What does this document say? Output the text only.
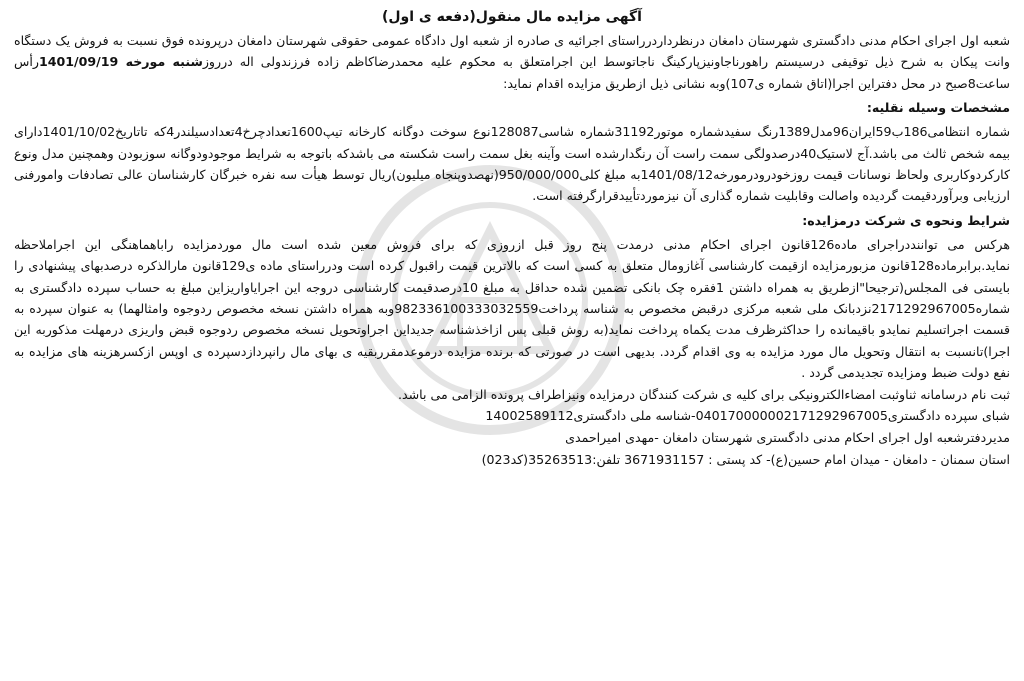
آگهی مزایده مال منقول(دفعه ی اول)

شعبه اول اجرای احکام مدنی دادگستری شهرستان دامغان درنظرداردرراستای اجرائیه ی صادره از شعبه اول دادگاه عمومی حقوقی شهرستان دامغان درپرونده فوق نسبت به فروش یک دستگاه وانت پیکان به شرح ذیل توقیفی درسیستم راهورناجاونیزپارکینگ ناجاتوسط این اجرامتعلق به محکوم علیه محمدرضاکاظم زاده فرزندولی اله درروزشنبه مورخه 1401/09/19رأس ساعت8صبح در محل دفتراین اجرا(اتاق شماره ی107)وبه نشانی ذیل ازطریق مزایده اقدام نماید:

مشخصات وسیله نقلیه:

شماره انتظامی186ب59ایران96مدل1389رنگ سفیدشماره موتور31192شماره شاسی128087نوع سوخت دوگانه کارخانه تیپ1600تعدادچرخ4تعدادسیلندر4که تاتاریخ1401/10/02دارای بیمه شخص ثالث می باشد.آج لاستیک40درصدولگی سمت راست آن رنگدارشده است وآینه بغل سمت راست شکسته می باشدکه باتوجه به شرایط موجودودوگانه سوزبودن وهمچنین مدل ونوع کارکردوکاربری ولحاظ نوسانات قیمت روزخودرودرمورخه1401/08/12به مبلغ کلی950/000/000(نهصدوپنجاه میلیون)ریال توسط هیأت سه نفره خبرگان کارشناسان عالی تصادفات وامورفنی ارزیابی وبرآوردقیمت گردیده واصالت وقابلیت شماره گذاری آن نیزموردتأییدقرارگرفته است.

شرایط ونحوه ی شرکت درمزایده:

هرکس می تواننددراجرای ماده126قانون اجرای احکام مدنی درمدت پنج روز قبل ازروزی که برای فروش معین شده است مال موردمزایده راباهماهنگی این اجراملاحظه نماید.برابرماده128قانون مزبورمزایده ازقیمت کارشناسی آغازومال متعلق به کسی است که بالاترین قیمت راقبول کرده است ودرراستای ماده ی129قانون مارالذکره درصدبهای پیشنهادی را بایستی فی المجلس(ترجیحا"ازطریق به همراه داشتن 1فقره چک بانکی تضمین شده حداقل به مبلغ 10درصدقیمت کارشناسی دروجه این اجرایاواریزاین مبلغ به حساب سپرده دادگستری به شماره2171292967005نزدبانک ملی شعبه مرکزی درقبض مخصوص به شناسه پرداخت982336100333032559وبه همراه داشتن نسخه مخصوص ردوجوه وامثالهما) به عنوان سپرده به قسمت اجراتسلیم نمایدو باقیمانده را حداکثرظرف مدت یکماه پرداخت نماید(به روش قبلی پس ازاخذشناسه جدیداین اجراوتحویل نسخه مخصوص ردوجوه قبض واریزی درمهلت مذکوربه این اجرا)تانسبت به انتقال وتحویل مال مورد مزایده به وی اقدام گردد. بدیهی است در صورتی که برنده مزایده درموعدمقرربقیه ی بهای مال رانپردازدسپرده ی اوپس ازکسرهزینه های مزایده به نفع دولت ضبط ومزایده تجدیدمی گردد .

ثبت نام درسامانه ثناوثبت امضاءالکترونیکی برای کلیه ی شرکت کنندگان درمزایده ونیزاطراف پرونده الزامی می باشد.

شبای سپرده دادگستری040170000002171292967005-شناسه ملی دادگستری14002589112

مدیردفترشعبه اول اجرای احکام مدنی دادگستری شهرستان دامغان -مهدی امیراحمدی

استان سمنان - دامغان - میدان امام حسین(ع)- کد پستی : 3671931157 تلفن:35263513(کد023)
